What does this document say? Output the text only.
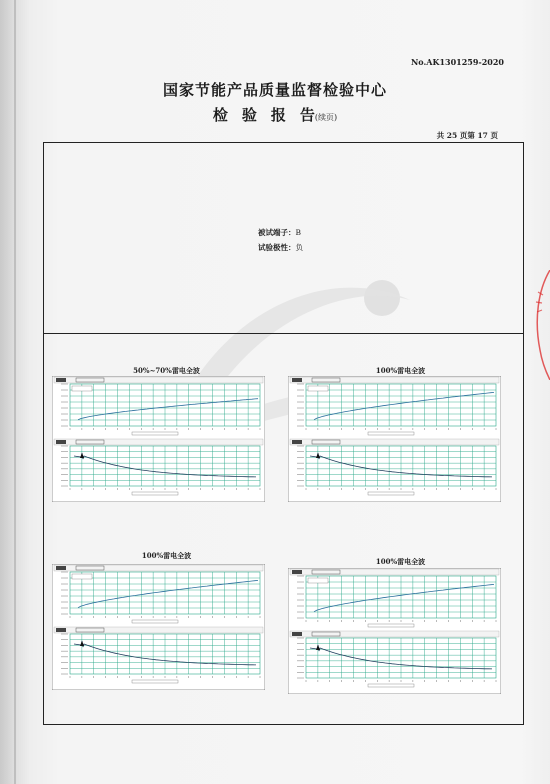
No.AK1301259-2020
国家节能产品质量监督检验中心
检验报告(续页)
共 25 页第 17 页
被试端子：B
试验极性：负
50%~70%雷电全波	100%雷电全波
100%雷电全波
100%雷电全波
